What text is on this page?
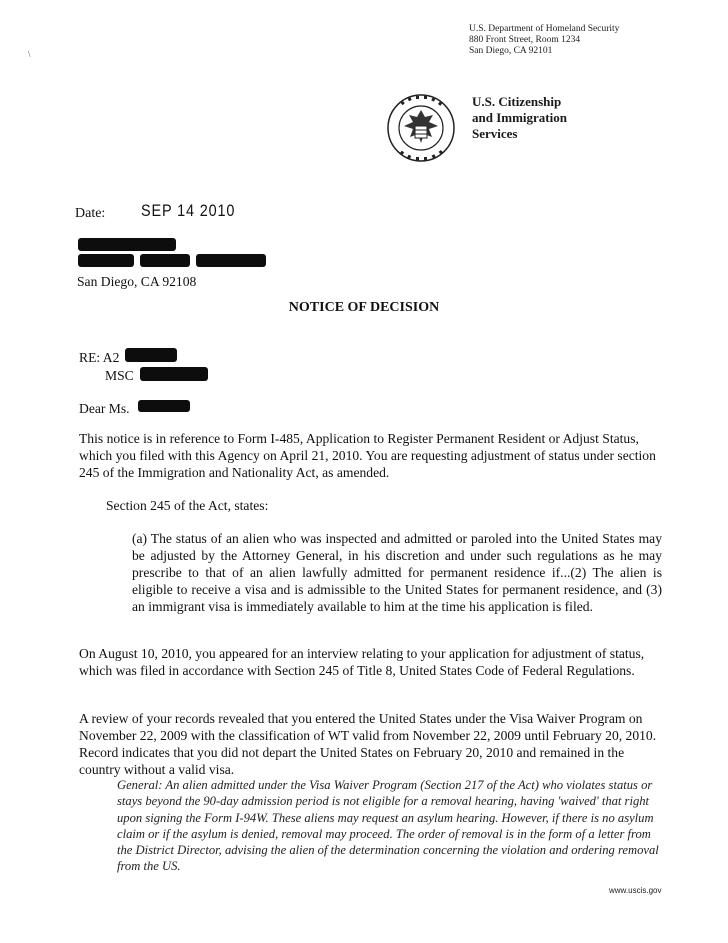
\
U.S. Department of Homeland Security
880 Front Street, Room 1234
San Diego, CA 92101
U.S. Citizenship
and Immigration
Services
Date: SEP 14 2010
San Diego, CA 92108
NOTICE OF DECISION
RE: A2
MSC
Dear Ms.
This notice is in reference to Form I-485, Application to Register Permanent Resident or Adjust Status, which you filed with this Agency on April 21, 2010. You are requesting adjustment of status under section 245 of the Immigration and Nationality Act, as amended.
Section 245 of the Act, states:
(a) The status of an alien who was inspected and admitted or paroled into the United States may be adjusted by the Attorney General, in his discretion and under such regulations as he may prescribe to that of an alien lawfully admitted for permanent residence if...(2) The alien is eligible to receive a visa and is admissible to the United States for permanent residence, and (3) an immigrant visa is immediately available to him at the time his application is filed.
On August 10, 2010, you appeared for an interview relating to your application for adjustment of status, which was filed in accordance with Section 245 of Title 8, United States Code of Federal Regulations.
A review of your records revealed that you entered the United States under the Visa Waiver Program on November 22, 2009 with the classification of WT valid from November 22, 2009 until February 20, 2010. Record indicates that you did not depart the United States on February 20, 2010 and remained in the country without a valid visa.
General: An alien admitted under the Visa Waiver Program (Section 217 of the Act) who violates status or stays beyond the 90-day admission period is not eligible for a removal hearing, having 'waived' that right upon signing the Form I-94W. These aliens may request an asylum hearing. However, if there is no asylum claim or if the asylum is denied, removal may proceed. The order of removal is in the form of a letter from the District Director, advising the alien of the determination concerning the violation and ordering removal from the US.
www.uscis.gov
